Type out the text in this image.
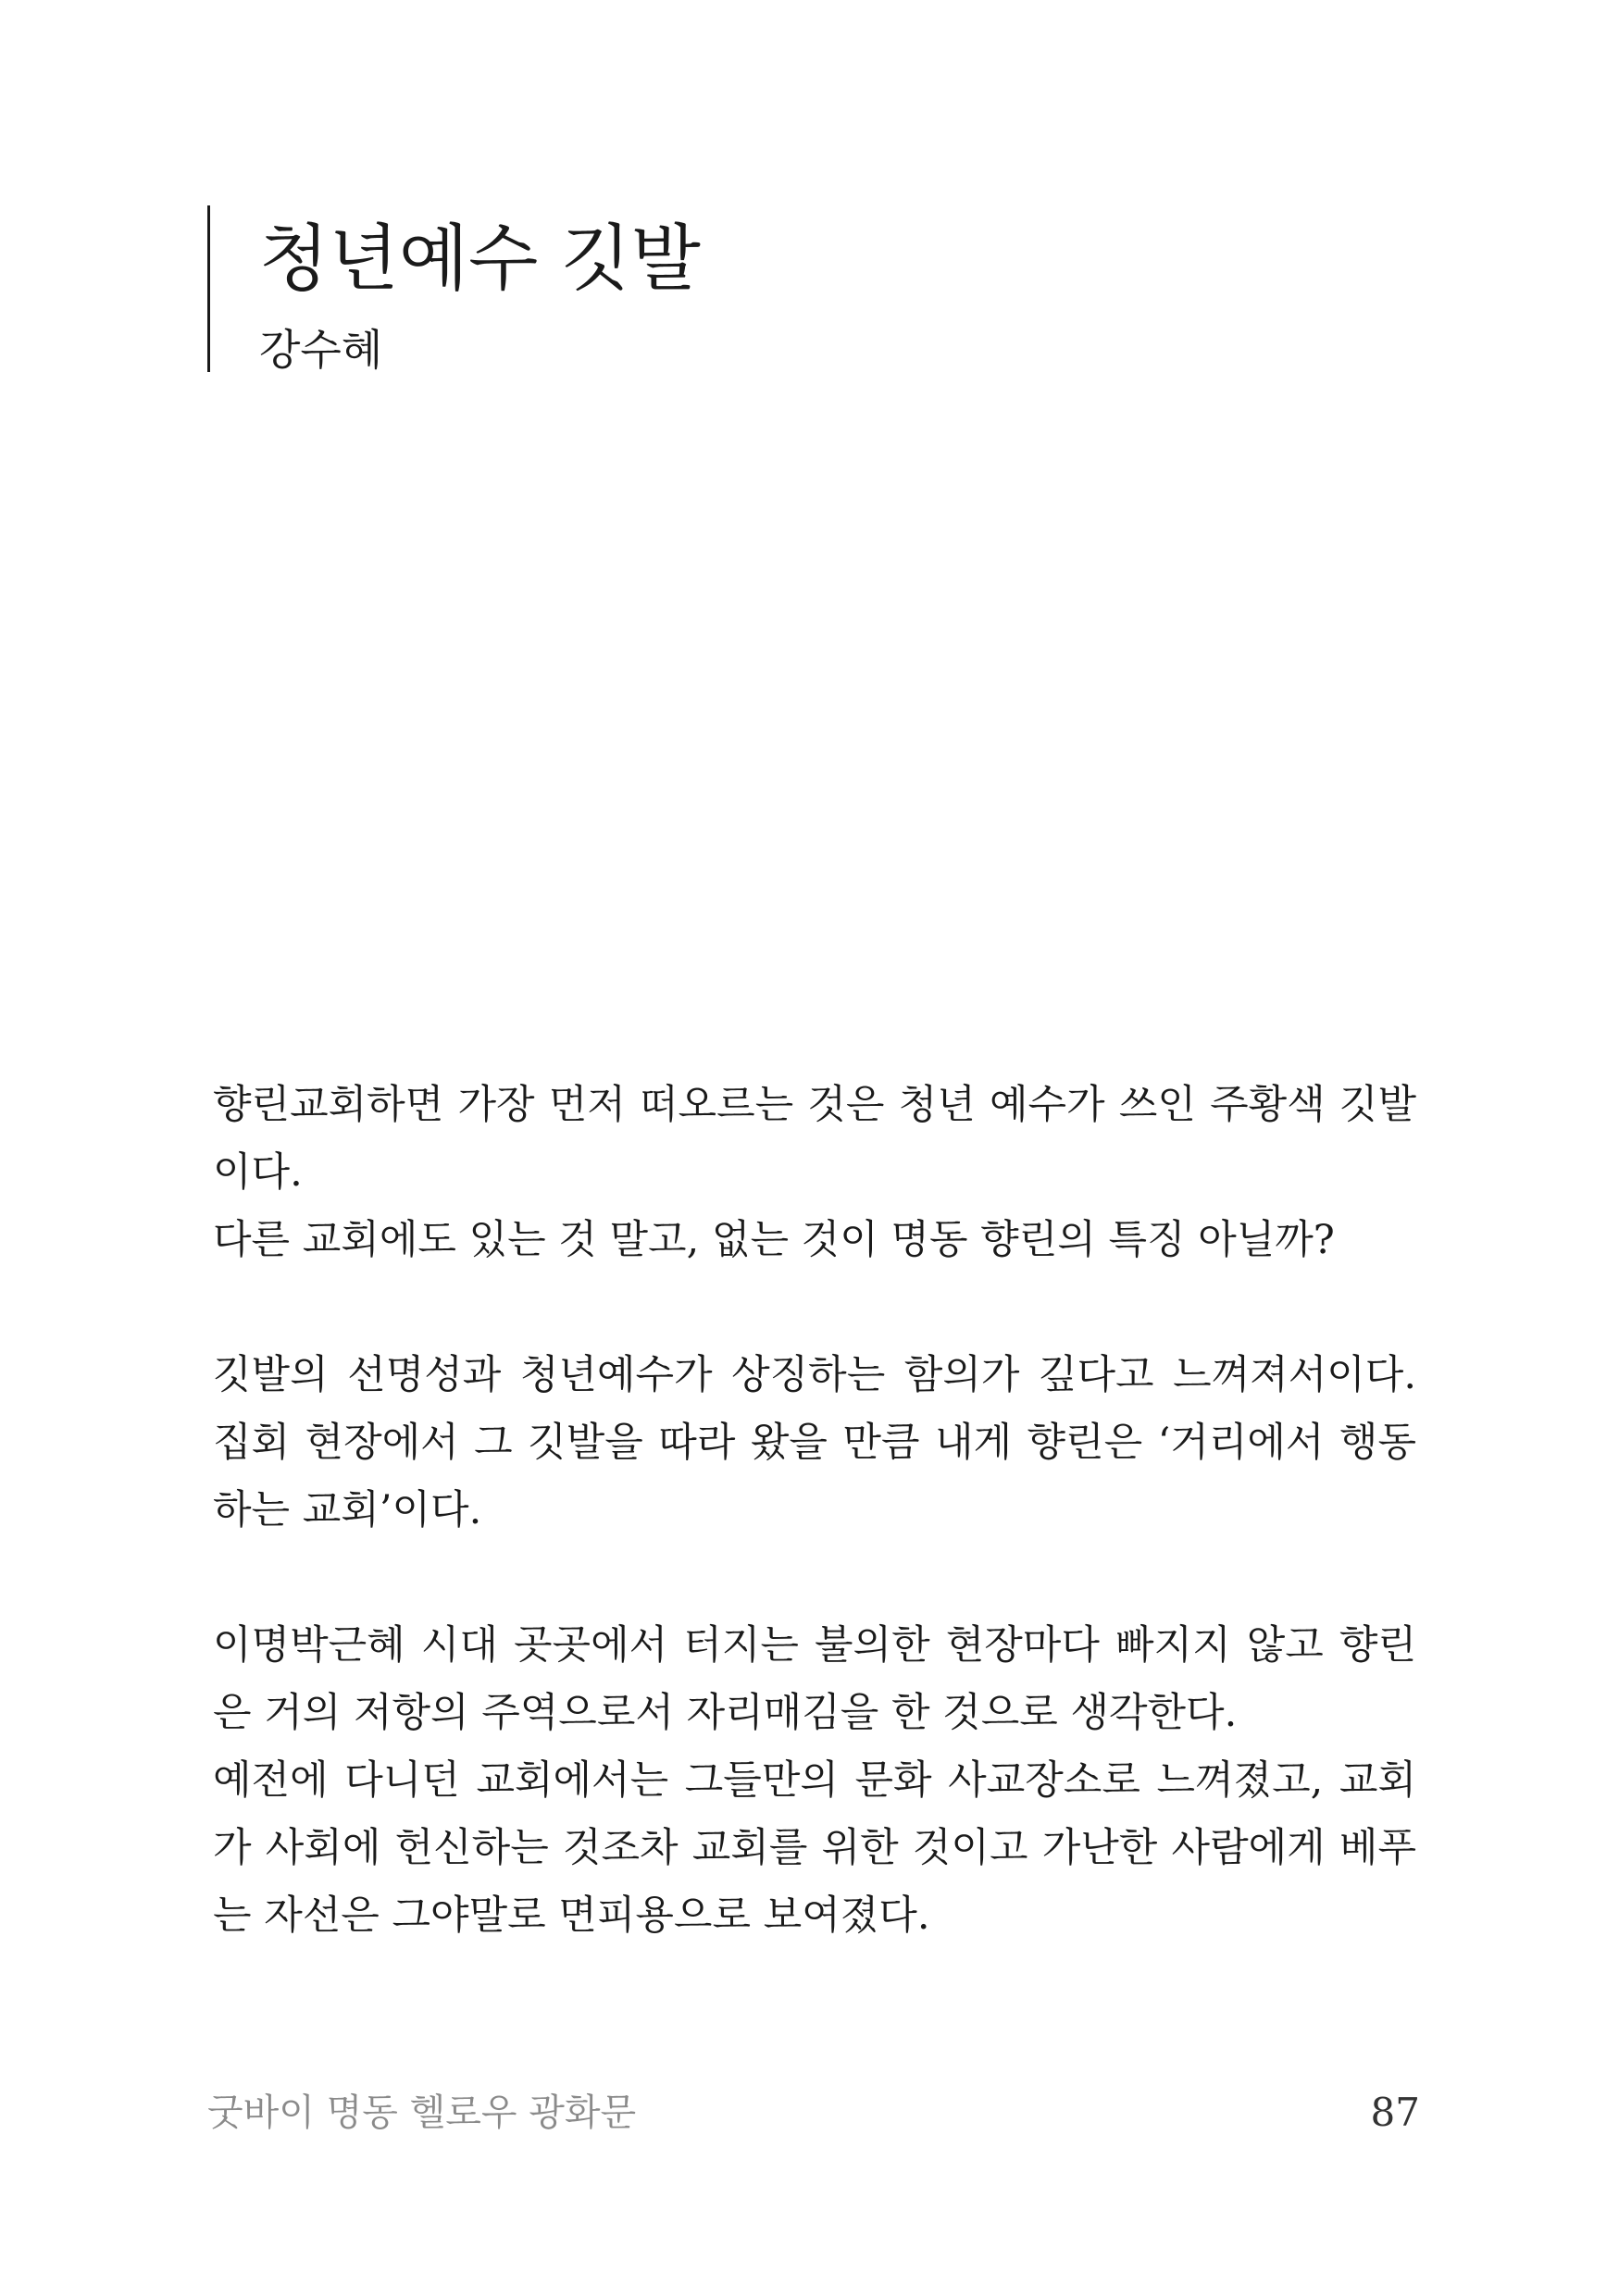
청년예수 깃발
강수혜

향린교회하면 가장 먼저 떠오르는 것은 청년 예수가 쓰인 주황색 깃발이다.

다른 교회에도 있는 것 말고, 없는 것이 명동 향린의 특징 아닐까?

깃발의 선명성과 청년예수가 상징하는 함의가 깊다고 느껴져서이다. 집회 현장에서 그 깃발을 따라 왔을 만큼 내게 향린은 ‘거리에서 행동하는 교회’이다.

이명박근혜 시대 곳곳에서 터지는 불의한 현장마다 빠지지 않고 향린은 거의 저항의 주역으로서 자리매김을 한 것으로 생각한다.

예전에 다니던 교회에서는 그들만의 문화 사교장소로 느껴졌고, 교회가 사회에 헌신하는 것조차 교회를 위한 것이고 가난한 사람에게 베푸는 자선은 그야말로 면피용으로 보여졌다.

굿바이 명동 헬로우 광화문	87
